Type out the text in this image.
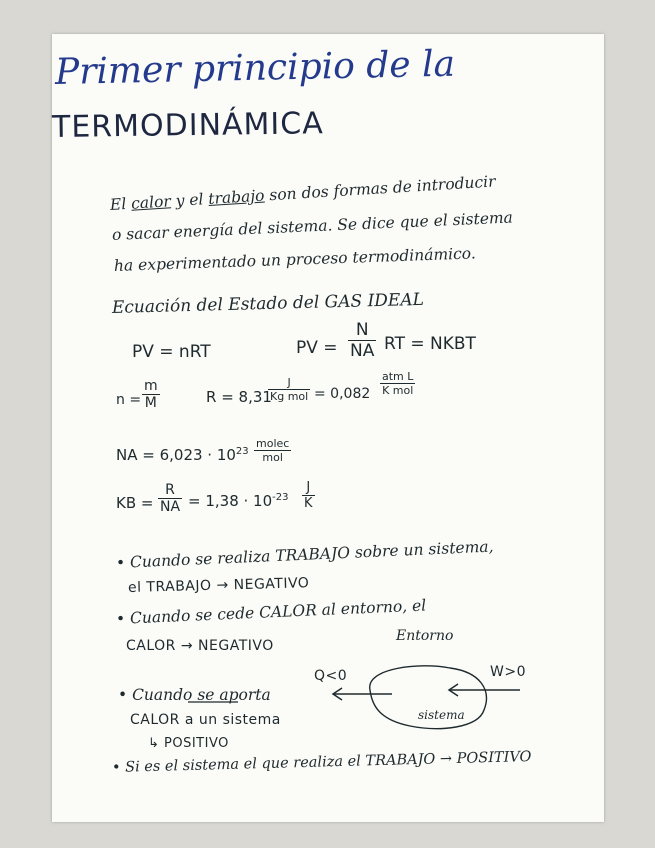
Primer principio de la
TERMODINÁMICA
El calor y el trabajo son dos formas de introducir
o sacar energía del sistema. Se dice que el sistema
ha experimentado un proceso termodinámico.
Ecuación del Estado del GAS IDEAL
PV = nRT	PV = $\frac{N}{NA}$ RT = NKBT
$n = \frac{m}{M}$	R = 8,31
J
Kg mol = 0,082
atm L
K mol
NA = $6,023 \cdot 10^{23}$
molec
mol
KB = $\frac{R}{NA} = 1,38 \cdot 10^{-23} \frac{J}{K}$
• Cuando se realiza TRABAJO sobre un sistema,
el TRABAJO → NEGATIVO
• Cuando se cede CALOR al entorno, el
CALOR → NEGATIVO
• Cuando se aporta
CALOR a un sistema
↳ POSITIVO
• Si es el sistema el que realiza el TRABAJO → POSITIVO
Entorno
Q<0	W>0
sistema
